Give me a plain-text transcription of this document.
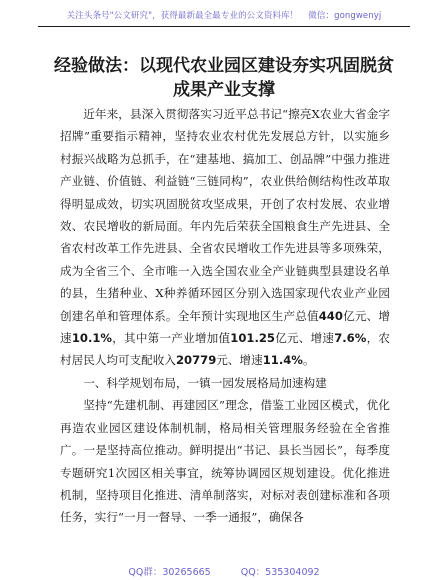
关注头条号"公文研究"，获得最新最全最专业的公文资料库！ 微信：gongwenyj
经验做法：以现代农业园区建设夯实巩固脱贫
成果产业支撑

近年来，县深入贯彻落实习近平总书记“擦亮X农业大省金字招牌”重要指示精神，坚持农业农村优先发展总方针，以实施乡村振兴战略为总抓手，在“建基地、搞加工、创品牌”中强力推进产业链、价值链、利益链“三链同构”，农业供给侧结构性改革取得明显成效，切实巩固脱贫攻坚成果，开创了农村发展、农业增效、农民增收的新局面。年内先后荣获全国粮食生产先进县、全省农村改革工作先进县、全省农民增收工作先进县等多项殊荣，成为全省三个、全市唯一入选全国农业全产业链典型县建设名单的县，生猪种业、X种养循环园区分别入选国家现代农业产业园创建名单和管理体系。全年预计实现地区生产总值440亿元、增速10.1%，其中第一产业增加值101.25亿元、增速7.6%，农村居民人均可支配收入20779元、增速11.4%。

一、科学规划布局，一镇一园发展格局加速构建

坚持“先建机制、再建园区”理念，借鉴工业园区模式，优化再造农业园区建设体制机制，格局相关管理服务经验在全省推广。一是坚持高位推动。鲜明提出“书记、县长当园长”，每季度专题研究1次园区相关事宜，统筹协调园区规划建设。优化推进机制，坚持项目化推进、清单制落实，对标对表创建标准和各项任务，实行“一月一督导、一季一通报”，确保各

QQ群：30265665	QQ：535304092
